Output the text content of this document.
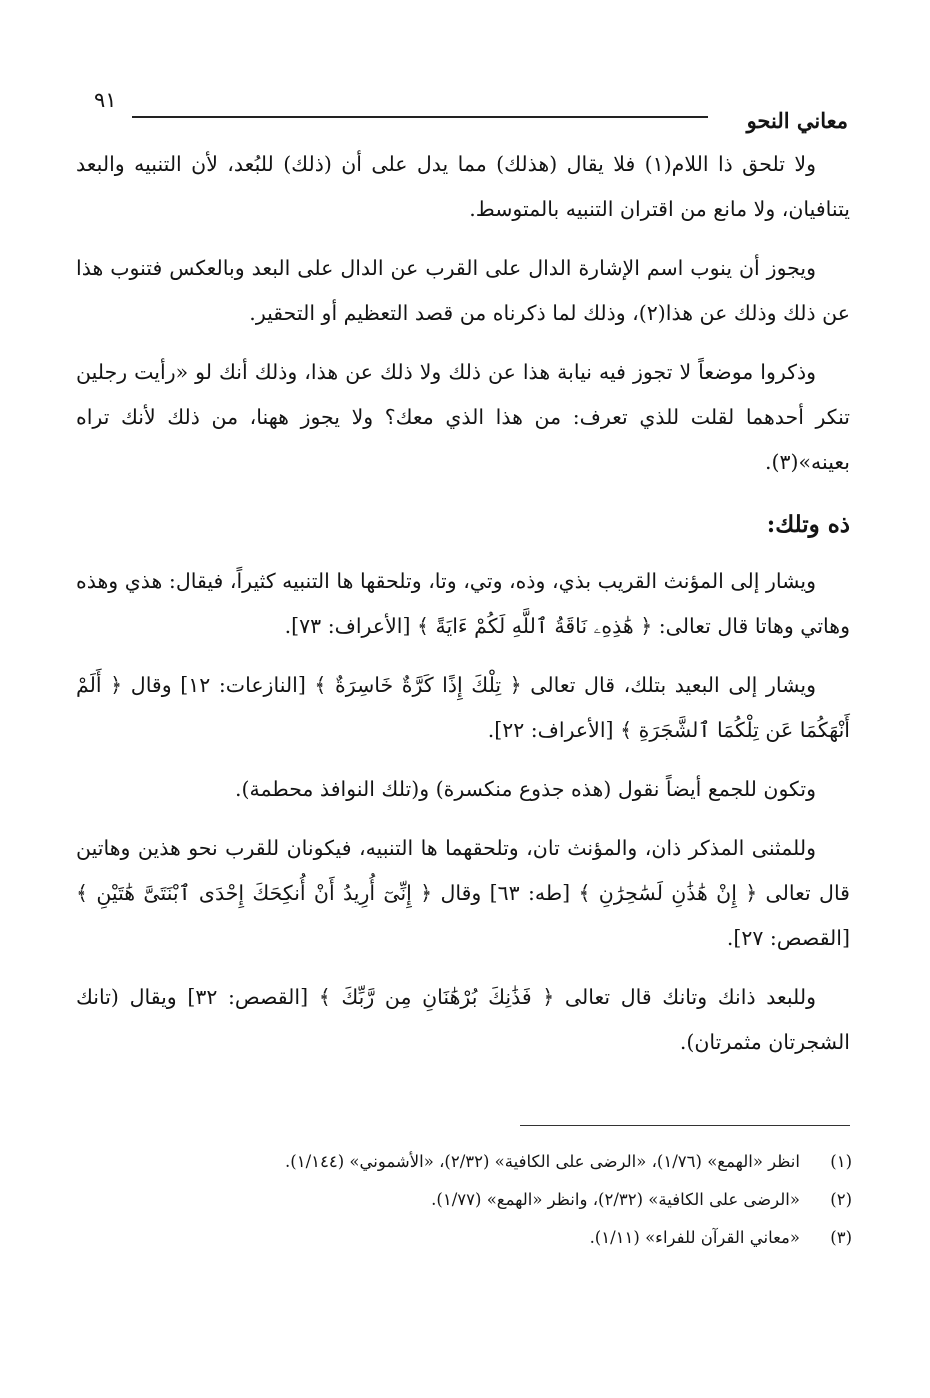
٩١
معاني النحو

ولا تلحق ذا اللام(١) فلا يقال (هذلك) مما يدل على أن (ذلك) للبُعد، لأن التنبيه والبعد يتنافيان، ولا مانع من اقتران التنبيه بالمتوسط.

ويجوز أن ينوب اسم الإشارة الدال على القرب عن الدال على البعد وبالعكس فتنوب هذا عن ذلك وذلك عن هذا(٢)، وذلك لما ذكرناه من قصد التعظيم أو التحقير.

وذكروا موضعاً لا تجوز فيه نيابة هذا عن ذلك ولا ذلك عن هذا، وذلك أنك لو «رأيت رجلين تنكر أحدهما لقلت للذي تعرف: من هذا الذي معك؟ ولا يجوز ههنا، من ذلك لأنك تراه بعينه»(٣).

ذه وتلك:

ويشار إلى المؤنث القريب بذي، وذه، وتي، وتا، وتلحقها ها التنبيه كثيراً، فيقال: هذي وهذه وهاتي وهاتا قال تعالى: ﴿ هَٰذِهِۦ نَاقَةُ ٱللَّهِ لَكُمْ ءَايَةً ﴾ [الأعراف: ٧٣].

ويشار إلى البعيد بتلك، قال تعالى ﴿ تِلْكَ إِذًا كَرَّةٌ خَاسِرَةٌ ﴾ [النازعات: ١٢] وقال ﴿ أَلَمْ أَنْهَكُمَا عَن تِلْكُمَا ٱلشَّجَرَةِ ﴾ [الأعراف: ٢٢].

وتكون للجمع أيضاً نقول (هذه جذوع منكسرة) و(تلك النوافذ محطمة).

وللمثنى المذكر ذان، والمؤنث تان، وتلحقهما ها التنبيه، فيكونان للقرب نحو هذين وهاتين قال تعالى ﴿ إِنْ هَٰذَٰنِ لَسَٰحِرَٰنِ ﴾ [طه: ٦٣] وقال ﴿ إِنِّىٓ أُرِيدُ أَنْ أُنكِحَكَ إِحْدَى ٱبْنَتَىَّ هَٰتَيْنِ ﴾ [القصص: ٢٧].

وللبعد ذانك وتانك قال تعالى ﴿ فَذَٰنِكَ بُرْهَٰنَانِ مِن رَّبِّكَ ﴾ [القصص: ٣٢] ويقال (تانك الشجرتان مثمرتان).

(١)انظر «الهمع» (١/٧٦)، «الرضى على الكافية» (٢/٣٢)، «الأشموني» (١/١٤٤).
(٢)«الرضى على الكافية» (٢/٣٢)، وانظر «الهمع» (١/٧٧).
(٣)«معاني القرآن للفراء» (١/١١).
